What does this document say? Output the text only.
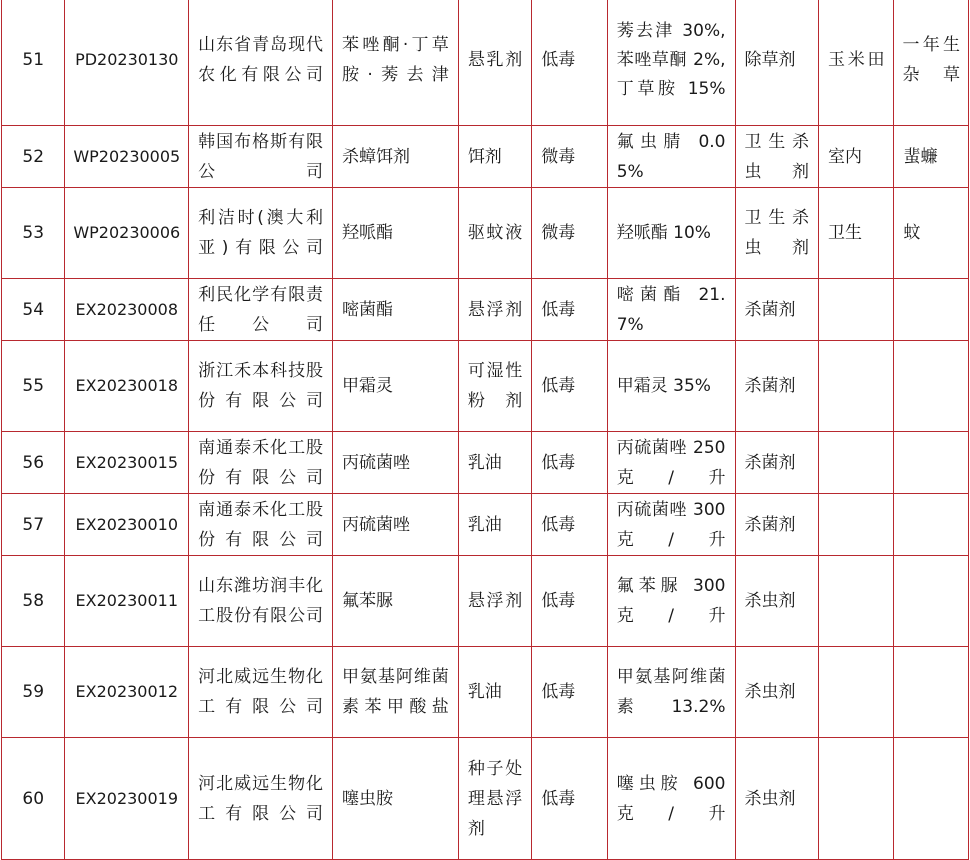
51	PD20230130	山东省青岛现代农化有限公司	苯唑酮·丁草胺·莠去津	悬乳剂	低毒	莠去津 30%,苯唑草酮 2%,丁草胺 15%	除草剂	玉米田	一年生杂草
52	WP20230005	韩国布格斯有限公司	杀蟑饵剂	饵剂	微毒	氟虫腈 0.05%	卫生杀虫剂	室内	蜚蠊
53	WP20230006	利洁时(澳大利亚)有限公司	羟哌酯	驱蚊液	微毒	羟哌酯 10%	卫生杀虫剂	卫生	蚊
54	EX20230008	利民化学有限责任公司	嘧菌酯	悬浮剂	低毒	嘧菌酯 21.7%	杀菌剂		
55	EX20230018	浙江禾本科技股份有限公司	甲霜灵	可湿性粉剂	低毒	甲霜灵 35%	杀菌剂		
56	EX20230015	南通泰禾化工股份有限公司	丙硫菌唑	乳油	低毒	丙硫菌唑 250 克/升	杀菌剂		
57	EX20230010	南通泰禾化工股份有限公司	丙硫菌唑	乳油	低毒	丙硫菌唑 300 克/升	杀菌剂		
58	EX20230011	山东潍坊润丰化工股份有限公司	氟苯脲	悬浮剂	低毒	氟苯脲 300 克/升	杀虫剂		
59	EX20230012	河北威远生物化工有限公司	甲氨基阿维菌素苯甲酸盐	乳油	低毒	甲氨基阿维菌素 13.2%	杀虫剂		
60	EX20230019	河北威远生物化工有限公司	噻虫胺	种子处理悬浮剂	低毒	噻虫胺 600 克/升	杀虫剂		
